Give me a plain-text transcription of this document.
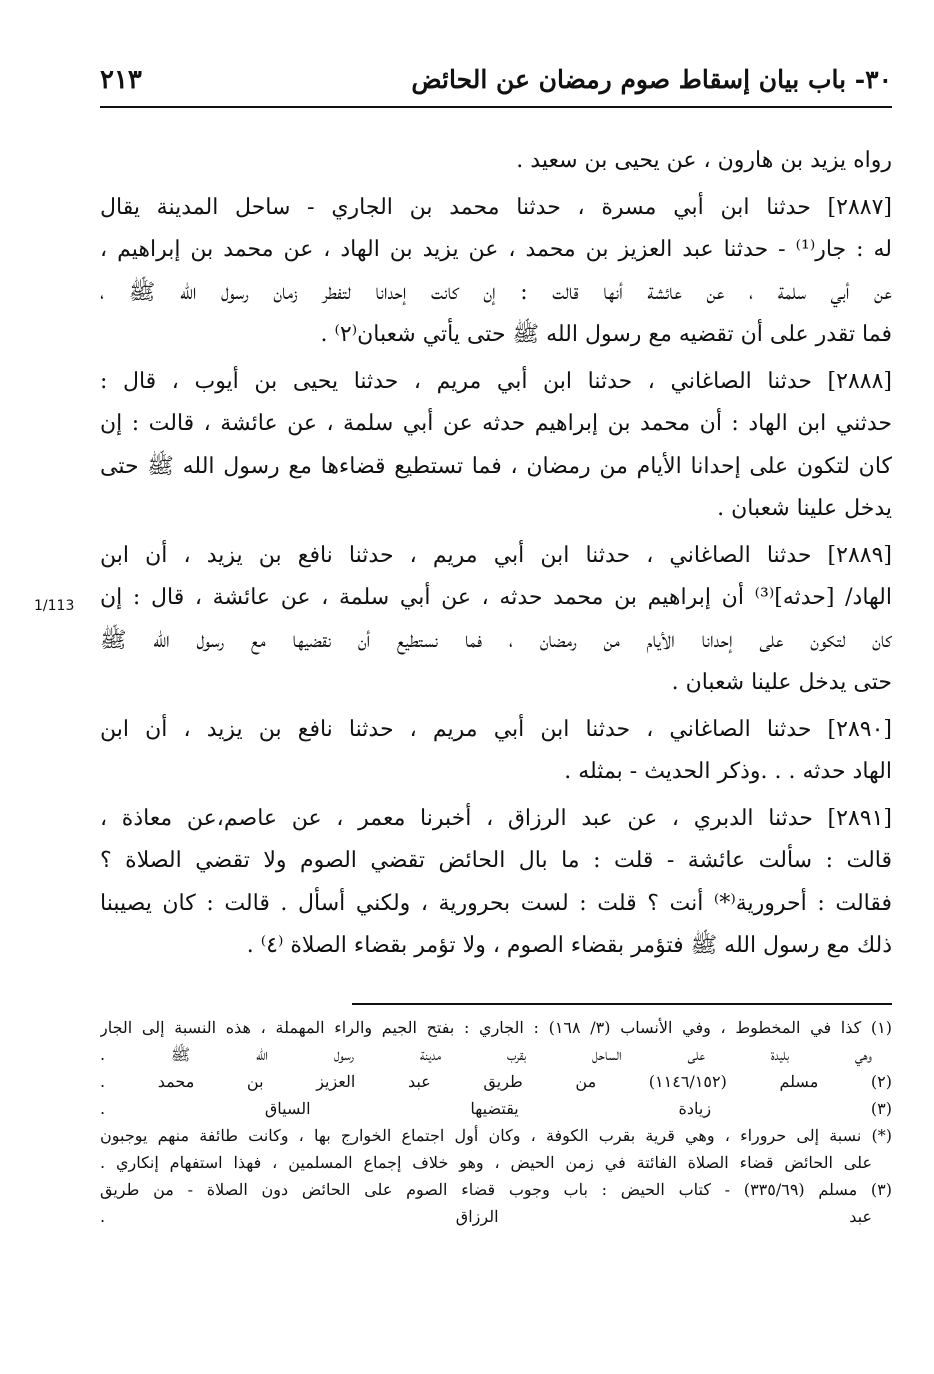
٣٠- باب بيان إسقاط صوم رمضان عن الحائض
٢١٣
1/113
رواه يزيد بن هارون ، عن يحيى بن سعيد .
[٢٨٨٧] حدثنا ابن أبي مسرة ، حدثنا محمد بن الجاري - ساحل المدينة يقال
له : جار⁽¹⁾ - حدثنا عبد العزيز بن محمد ، عن يزيد بن الهاد ، عن محمد بن إبراهيم ،
عن أبي سلمة ، عن عائشة أنها قالت : إن كانت إحدانا لتفطر زمان رسول الله ﷺ ،
فما تقدر على أن تقضيه مع رسول الله ﷺ حتى يأتي شعبان⁽٢⁾ .
[٢٨٨٨] حدثنا الصاغاني ، حدثنا ابن أبي مريم ، حدثنا يحيى بن أيوب ، قال :
حدثني ابن الهاد : أن محمد بن إبراهيم حدثه عن أبي سلمة ، عن عائشة ، قالت : إن
كان لتكون على إحدانا الأيام من رمضان ، فما تستطيع قضاءها مع رسول الله ﷺ حتى
يدخل علينا شعبان .
[٢٨٨٩] حدثنا الصاغاني ، حدثنا ابن أبي مريم ، حدثنا نافع بن يزيد ، أن ابن
الهاد/ [حدثه]⁽³⁾ أن إبراهيم بن محمد حدثه ، عن أبي سلمة ، عن عائشة ، قال : إن
كان لتكون على إحدانا الأيام من رمضان ، فما نستطيع أن نقضيها مع رسول الله ﷺ
حتى يدخل علينا شعبان .
[٢٨٩٠] حدثنا الصاغاني ، حدثنا ابن أبي مريم ، حدثنا نافع بن يزيد ، أن ابن
الهاد حدثه . . .وذكر الحديث - بمثله .
[٢٨٩١] حدثنا الدبري ، عن عبد الرزاق ، أخبرنا معمر ، عن عاصم،عن معاذة ،
قالت : سألت عائشة - قلت : ما بال الحائض تقضي الصوم ولا تقضي الصلاة ؟
فقالت : أحرورية⁽*⁾ أنت ؟ قلت : لست بحرورية ، ولكني أسأل . قالت : كان يصيبنا
ذلك مع رسول الله ﷺ فتؤمر بقضاء الصوم ، ولا تؤمر بقضاء الصلاة ⁽٤⁾ .
(١) كذا في المخطوط ، وفي الأنساب (٣/ ١٦٨) : الجاري : بفتح الجيم والراء المهملة ، هذه النسبة إلى الجار
وهي بليدة على الساحل بقرب مدينة رسول الله ﷺ .
(٢) مسلم (١١٤٦/١٥٢) من طريق عبد العزيز بن محمد .
(٣) زيادة يقتضيها السياق .
(*) نسبة إلى حروراء ، وهي قرية بقرب الكوفة ، وكان أول اجتماع الخوارج بها ، وكانت طائفة منهم يوجبون
على الحائض قضاء الصلاة الفائتة في زمن الحيض ، وهو خلاف إجماع المسلمين ، فهذا استفهام إنكاري .
(٣) مسلم (٣٣٥/٦٩) - كتاب الحيض : باب وجوب قضاء الصوم على الحائض دون الصلاة - من طريق
عبد الرزاق .
